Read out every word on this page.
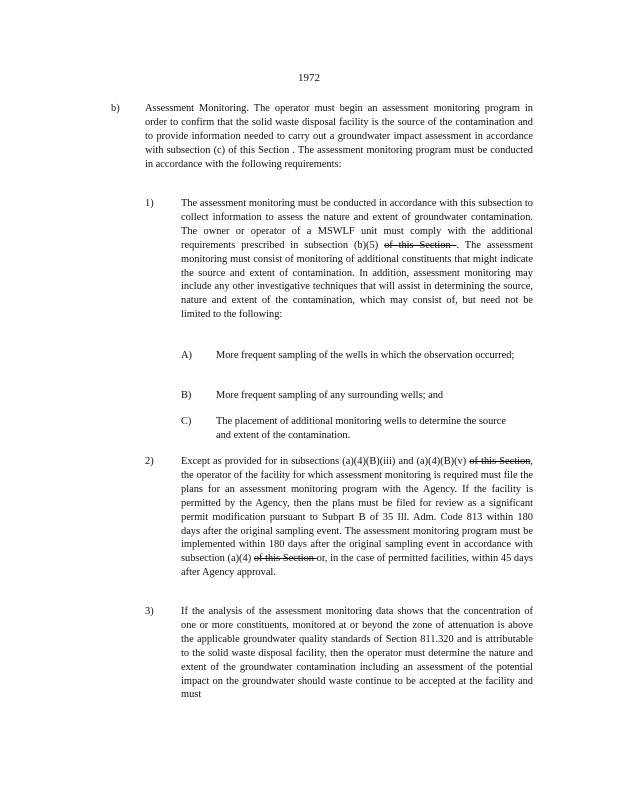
1972
b) Assessment Monitoring. The operator must begin an assessment monitoring program in order to confirm that the solid waste disposal facility is the source of the contamination and to provide information needed to carry out a groundwater impact assessment in accordance with subsection (c) of this Section . The assessment monitoring program must be conducted in accordance with the following requirements:
1)	The assessment monitoring must be conducted in accordance with this subsection to collect information to assess the nature and extent of groundwater contamination. The owner or operator of a MSWLF unit must comply with the additional requirements prescribed in subsection (b)(5) of this Section . The assessment monitoring must consist of monitoring of additional constituents that might indicate the source and extent of contamination. In addition, assessment monitoring may include any other investigative techniques that will assist in determining the source, nature and extent of the contamination, which may consist of, but need not be limited to the following:
A) More frequent sampling of the wells in which the observation occurred;
B) More frequent sampling of any surrounding wells; and
C) The placement of additional monitoring wells to determine the source and extent of the contamination.
2)	Except as provided for in subsections (a)(4)(B)(iii) and (a)(4)(B)(v) of this Section, the operator of the facility for which assessment monitoring is required must file the plans for an assessment monitoring program with the Agency. If the facility is permitted by the Agency, then the plans must be filed for review as a significant permit modification pursuant to Subpart B of 35 Ill. Adm. Code 813 within 180 days after the original sampling event. The assessment monitoring program must be implemented within 180 days after the original sampling event in accordance with subsection (a)(4) of this Section or, in the case of permitted facilities, within 45 days after Agency approval.
3)	If the analysis of the assessment monitoring data shows that the concentration of one or more constituents, monitored at or beyond the zone of attenuation is above the applicable groundwater quality standards of Section 811.320 and is attributable to the solid waste disposal facility, then the operator must determine the nature and extent of the groundwater contamination including an assessment of the potential impact on the groundwater should waste continue to be accepted at the facility and must
